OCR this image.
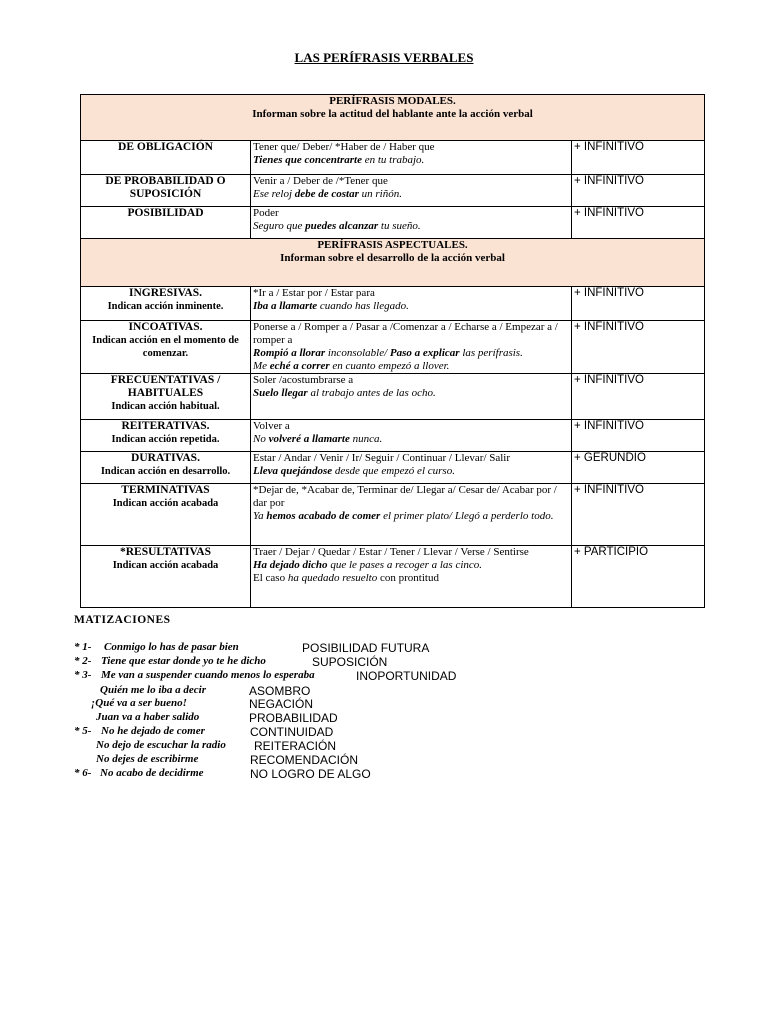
LAS PERÍFRASIS VERBALES
PERÍFRASIS MODALES.
Informan sobre la actitud del hablante ante la acción verbal		

DE OBLIGACIÓN	Tener que/ Deber/ *Haber de / Haber que
Tienes que concentrarte en tu trabajo.	+ INFINITIVO

DE PROBABILIDAD O SUPOSICIÓN	Venir a / Deber de /*Tener que
Ese reloj debe de costar un riñón.	+ INFINITIVO

POSIBILIDAD	Poder
Seguro que puedes alcanzar tu sueño.	+ INFINITIVO

PERÍFRASIS ASPECTUALES.
Informan sobre el desarrollo de la acción verbal		

INGRESIVAS.
Indican acción inminente.	*Ir a / Estar por / Estar para
Iba a llamarte cuando has llegado.	+ INFINITIVO

INCOATIVAS.
Indican acción en el momento de comenzar.	Ponerse a / Romper a / Pasar a /Comenzar a / Echarse a / Empezar a / romper a
Rompió a llorar inconsolable/ Paso a explicar las perífrasis.
Me eché a correr en cuanto empezó a llover.	+ INFINITIVO

FRECUENTATIVAS / HABITUALES
Indican acción habitual.	Soler /acostumbrarse a
Suelo llegar al trabajo antes de las ocho.	+ INFINITIVO

REITERATIVAS.
Indican acción repetida.	Volver a
No volveré a llamarte nunca.	+ INFINITIVO

DURATIVAS.
Indican acción en desarrollo.	Estar / Andar / Venir / Ir/ Seguir / Continuar / Llevar/ Salir
Lleva quejándose desde que empezó el curso.	+ GERUNDIO

TERMINATIVAS
Indican acción acabada	*Dejar de, *Acabar de, Terminar de/ Llegar a/ Cesar de/ Acabar por / dar por
Ya hemos acabado de comer el primer plato/ Llegó a perderlo todo.	+ INFINITIVO

*RESULTATIVAS
Indican acción acabada	Traer / Dejar / Quedar / Estar / Tener / Llevar / Verse / Sentirse
Ha dejado dicho que le pases a recoger a las cinco.
El caso ha quedado resuelto con prontitud	+ PARTICIPIO
MATIZACIONES
* 1- Conmigo lo has de pasar bien	POSIBILIDAD FUTURA
* 2- Tiene que estar donde yo te he dicho	SUPOSICIÓN
* 3- Me van a suspender cuando menos lo esperaba	INOPORTUNIDAD
Quién me lo iba a decir	ASOMBRO
¡Qué va a ser bueno!	NEGACIÓN
Juan va a haber salido	PROBABILIDAD
* 5- No he dejado de comer	CONTINUIDAD
No dejo de escuchar la radio REITERACIÓN
No dejes de escribirme	RECOMENDACIÓN
* 6- No acabo de decidirme	NO LOGRO DE ALGO
